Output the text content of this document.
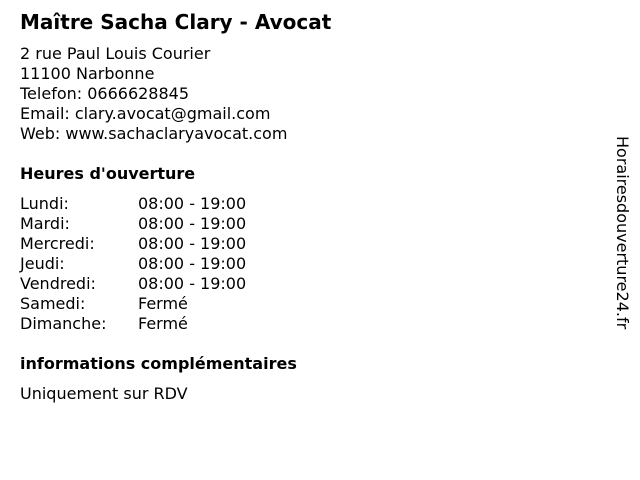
Maître Sacha Clary - Avocat
2 rue Paul Louis Courier
11100 Narbonne
Telefon: 0666628845
Email: clary.avocat@gmail.com
Web: www.sachaclaryavocat.com
Heures d'ouverture
Lundi:	08:00 - 19:00
Mardi:	08:00 - 19:00
Mercredi:	08:00 - 19:00
Jeudi:	08:00 - 19:00
Vendredi:	08:00 - 19:00
Samedi:	Fermé
Dimanche:	Fermé
informations complémentaires
Uniquement sur RDV
Horairesdouverture24.fr
